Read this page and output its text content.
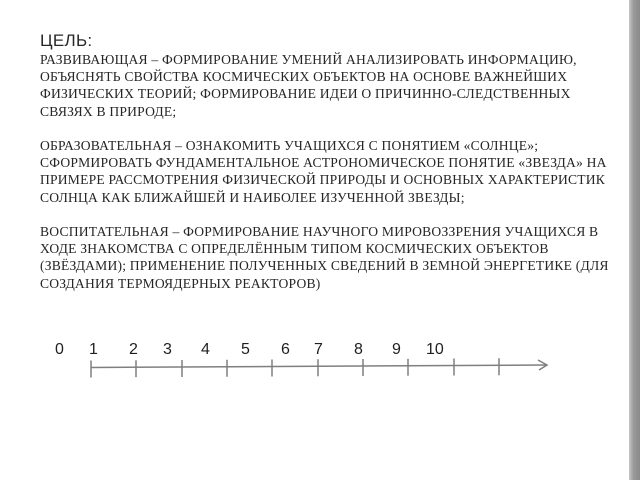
ЦЕЛЬ:

РАЗВИВАЮЩАЯ – ФОРМИРОВАНИЕ УМЕНИЙ АНАЛИЗИРОВАТЬ ИНФОРМАЦИЮ, ОБЪЯСНЯТЬ СВОЙСТВА КОСМИЧЕСКИХ ОБЪЕКТОВ НА ОСНОВЕ ВАЖНЕЙШИХ ФИЗИЧЕСКИХ ТЕОРИЙ; ФОРМИРОВАНИЕ ИДЕИ О ПРИЧИННО-СЛЕДСТВЕННЫХ СВЯЗЯХ В ПРИРОДЕ;

ОБРАЗОВАТЕЛЬНАЯ – ОЗНАКОМИТЬ УЧАЩИХСЯ С ПОНЯТИЕМ «СОЛНЦЕ»; СФОРМИРОВАТЬ ФУНДАМЕНТАЛЬНОЕ АСТРОНОМИЧЕСКОЕ ПОНЯТИЕ «ЗВЕЗДА» НА ПРИМЕРЕ РАССМОТРЕНИЯ ФИЗИЧЕСКОЙ ПРИРОДЫ И ОСНОВНЫХ ХАРАКТЕРИСТИК СОЛНЦА КАК БЛИЖАЙШЕЙ И НАИБОЛЕЕ ИЗУЧЕННОЙ ЗВЕЗДЫ;

ВОСПИТАТЕЛЬНАЯ – ФОРМИРОВАНИЕ НАУЧНОГО МИРОВОЗЗРЕНИЯ УЧАЩИХСЯ В ХОДЕ ЗНАКОМСТВА С ОПРЕДЕЛЁННЫМ ТИПОМ КОСМИЧЕСКИХ ОБЪЕКТОВ (ЗВЁЗДАМИ); ПРИМЕНЕНИЕ ПОЛУЧЕННЫХ СВЕДЕНИЙ В ЗЕМНОЙ ЭНЕРГЕТИКЕ (ДЛЯ СОЗДАНИЯ ТЕРМОЯДЕРНЫХ РЕАКТОРОВ)

0 1 2 3 4 5 6 7 8 9 10
